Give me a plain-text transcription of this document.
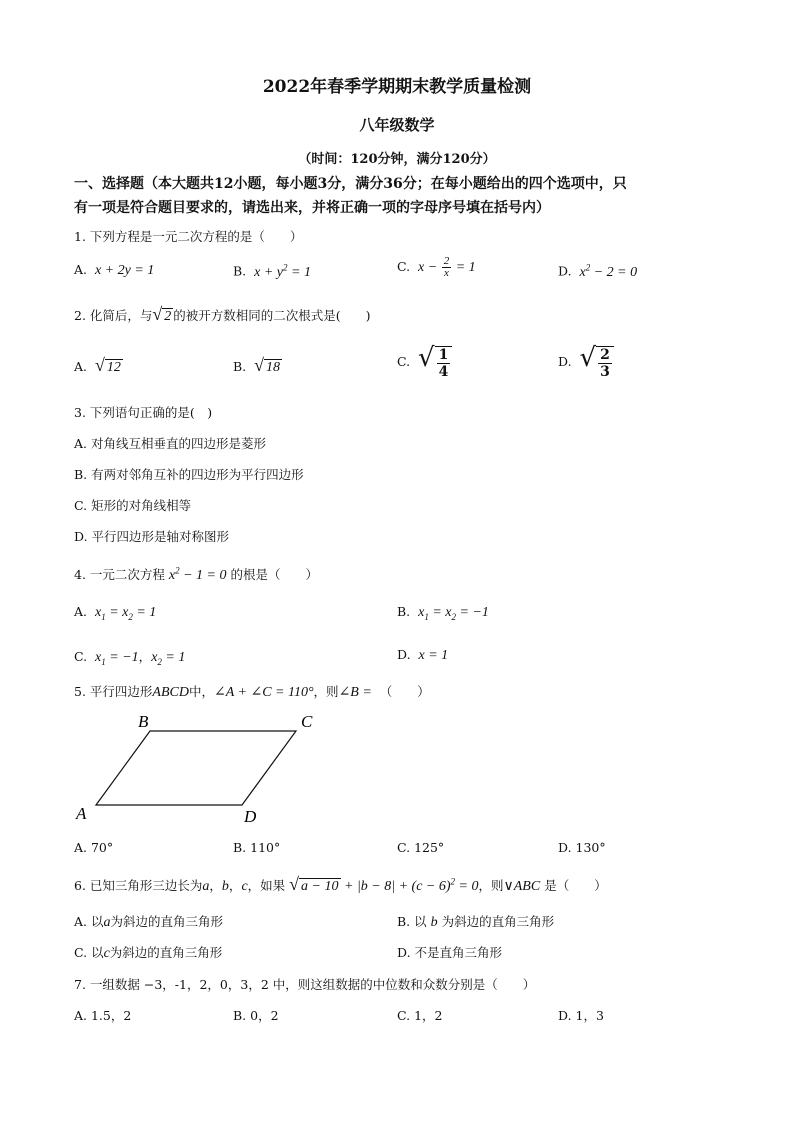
2022年春季学期期末教学质量检测
八年级数学
（时间：120分钟，满分120分）
一、选择题（本大题共12小题，每小题3分，满分36分；在每小题给出的四个选项中，只
有一项是符合题目要求的，请选出来，并将正确一项的字母序号填在括号内）
1. 下列方程是一元二次方程的是（　　）
A. x + 2y = 1	B. $x + y^2 = 1$	C. $x - \frac{2}{x} = 1$	D. $x^2 - 2 = 0$
2. 化简后，与√ 2 的被开方数相同的二次根式是(　　)
A. √ 12	B. √ 18	C. √ $\frac{1}{4}$	D. √ $\frac{2}{3}$
3. 下列语句正确的是(　)
A. 对角线互相垂直的四边形是菱形
B. 有两对邻角互补的四边形为平行四边形
C. 矩形的对角线相等
D. 平行四边形是轴对称图形
4. 一元二次方程 $x^2 - 1 = 0$ 的根是（　　）
A. $x_1 = x_2 = 1$	B. $x_1 = x_2 = -1$
C. $x_1 = -1$，$x_2 = 1$	D. x = 1
5. 平行四边形ABCD中，∠A + ∠C = 110°，则∠B = （　　）
A
B	C
D
A. 70°	B. 110°	C. 125°	D. 130°
6. 已知三角形三边长为a，b，c，如果 √ $a - 10 + |b - 8| + (c - 6)^2 = 0$，则∨ABC 是（　　）
A. 以a为斜边的直角三角形	B. 以 b 为斜边的直角三角形
C. 以c为斜边的直角三角形	D. 不是直角三角形
7. 一组数据 −3，-1，2，0，3，2 中，则这组数据的中位数和众数分别是（　　）
A. 1.5，2	B. 0，2	C. 1，2	D. 1，3
